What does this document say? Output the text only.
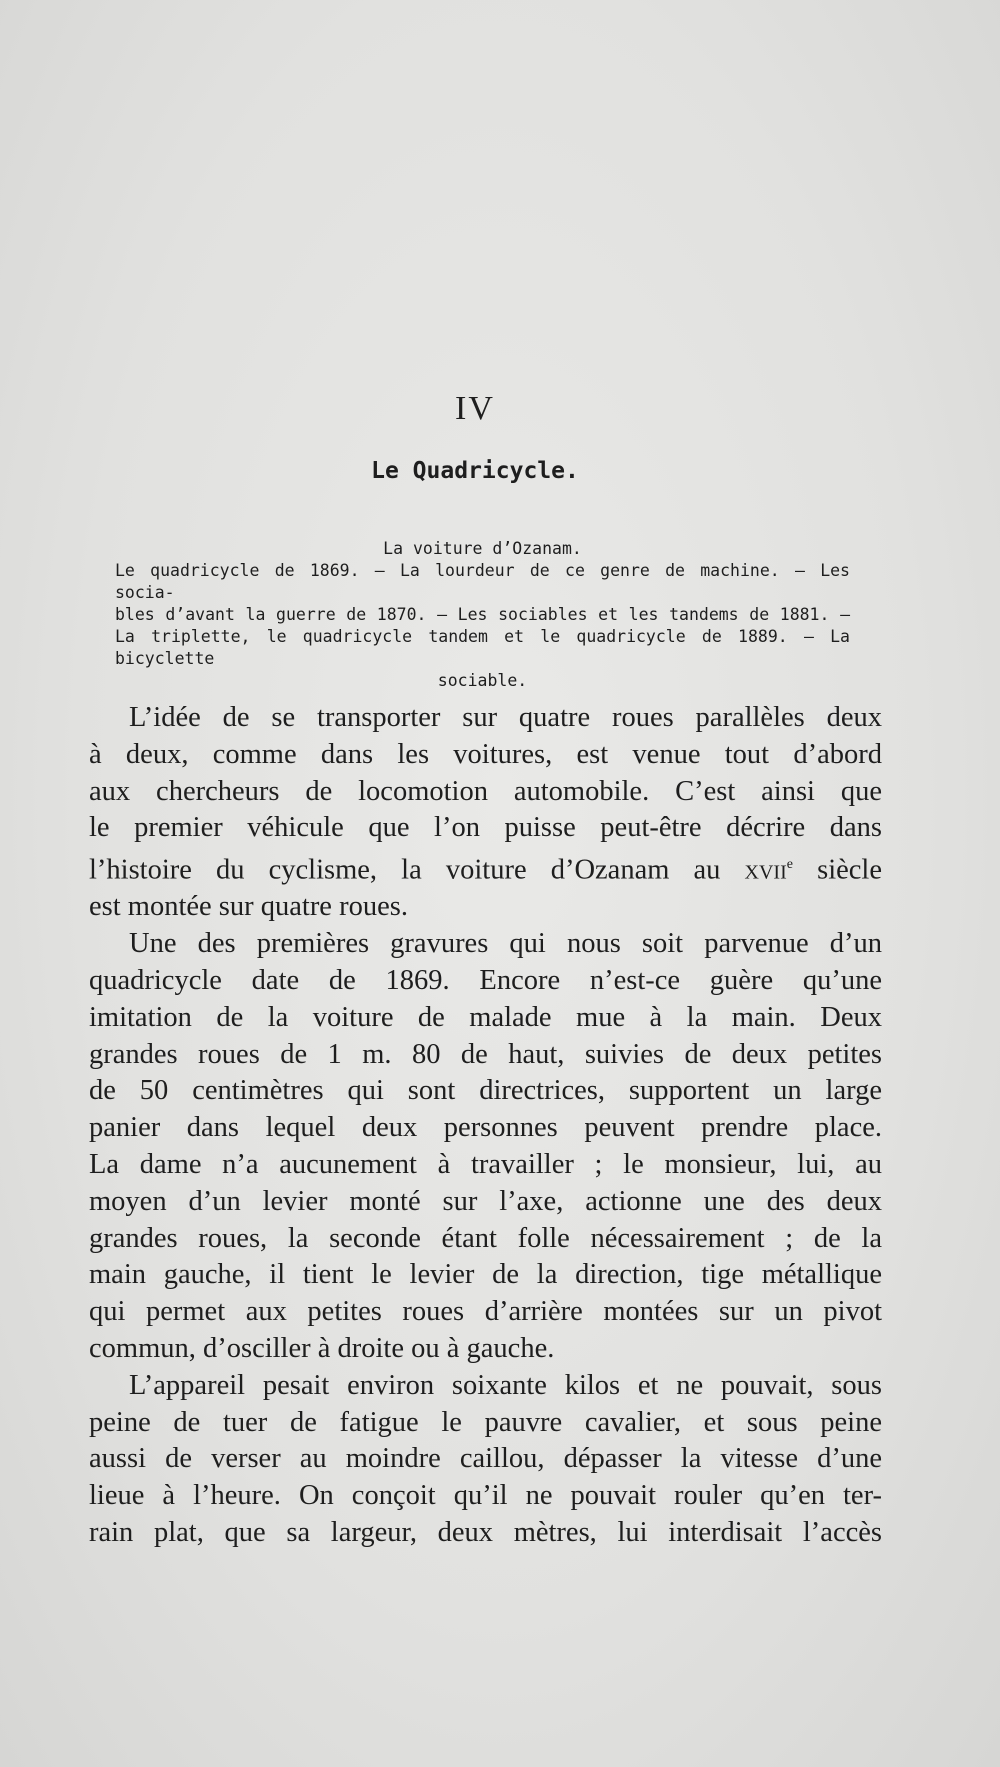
IV
Le Quadricycle.
La voiture d’Ozanam.
Le quadricycle de 1869. — La lourdeur de ce genre de machine. — Les socia-
bles d’avant la guerre de 1870. — Les sociables et les tandems de 1881. —
La triplette, le quadricycle tandem et le quadricycle de 1889. — La bicyclette
sociable.
L’idée de se transporter sur quatre roues parallèles deux
à deux, comme dans les voitures, est venue tout d’abord
aux chercheurs de locomotion automobile. C’est ainsi que
le premier véhicule que l’on puisse peut-être décrire dans
l’histoire du cyclisme, la voiture d’Ozanam au xvii$^e$ siècle
est montée sur quatre roues.
Une des premières gravures qui nous soit parvenue d’un
quadricycle date de 1869. Encore n’est-ce guère qu’une
imitation de la voiture de malade mue à la main. Deux
grandes roues de 1 m. 80 de haut, suivies de deux petites
de 50 centimètres qui sont directrices, supportent un large
panier dans lequel deux personnes peuvent prendre place.
La dame n’a aucunement à travailler ; le monsieur, lui, au
moyen d’un levier monté sur l’axe, actionne une des deux
grandes roues, la seconde étant folle nécessairement ; de la
main gauche, il tient le levier de la direction, tige métallique
qui permet aux petites roues d’arrière montées sur un pivot
commun, d’osciller à droite ou à gauche.
L’appareil pesait environ soixante kilos et ne pouvait, sous
peine de tuer de fatigue le pauvre cavalier, et sous peine
aussi de verser au moindre caillou, dépasser la vitesse d’une
lieue à l’heure. On conçoit qu’il ne pouvait rouler qu’en ter-
rain plat, que sa largeur, deux mètres, lui interdisait l’accès
